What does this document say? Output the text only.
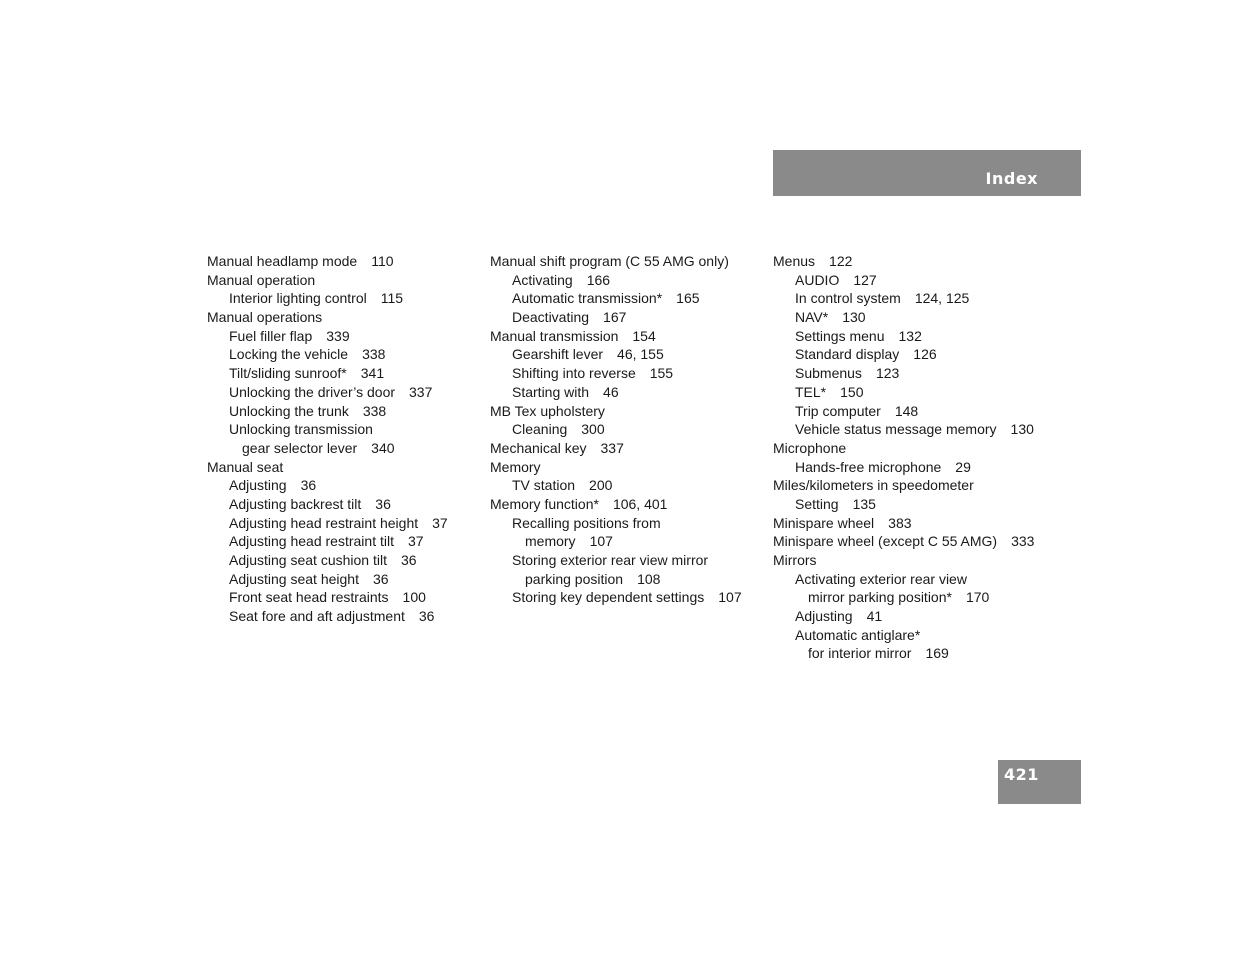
Index
Manual headlamp mode 110
Manual operation
Interior lighting control 115
Manual operations
Fuel filler flap 339
Locking the vehicle 338
Tilt/sliding sunroof* 341
Unlocking the driver’s door 337
Unlocking the trunk 338
Unlocking transmission
gear selector lever 340
Manual seat
Adjusting 36
Adjusting backrest tilt 36
Adjusting head restraint height 37
Adjusting head restraint tilt 37
Adjusting seat cushion tilt 36
Adjusting seat height 36
Front seat head restraints 100
Seat fore and aft adjustment 36
Manual shift program (C 55 AMG only)
Activating 166
Automatic transmission* 165
Deactivating 167
Manual transmission 154
Gearshift lever 46, 155
Shifting into reverse 155
Starting with 46
MB Tex upholstery
Cleaning 300
Mechanical key 337
Memory
TV station 200
Memory function* 106, 401
Recalling positions from
memory 107
Storing exterior rear view mirror
parking position 108
Storing key dependent settings 107
Menus 122
AUDIO 127
In control system 124, 125
NAV* 130
Settings menu 132
Standard display 126
Submenus 123
TEL* 150
Trip computer 148
Vehicle status message memory 130
Microphone
Hands-free microphone 29
Miles/kilometers in speedometer
Setting 135
Minispare wheel 383
Minispare wheel (except C 55 AMG) 333
Mirrors
Activating exterior rear view
mirror parking position* 170
Adjusting 41
Automatic antiglare*
for interior mirror 169
421
